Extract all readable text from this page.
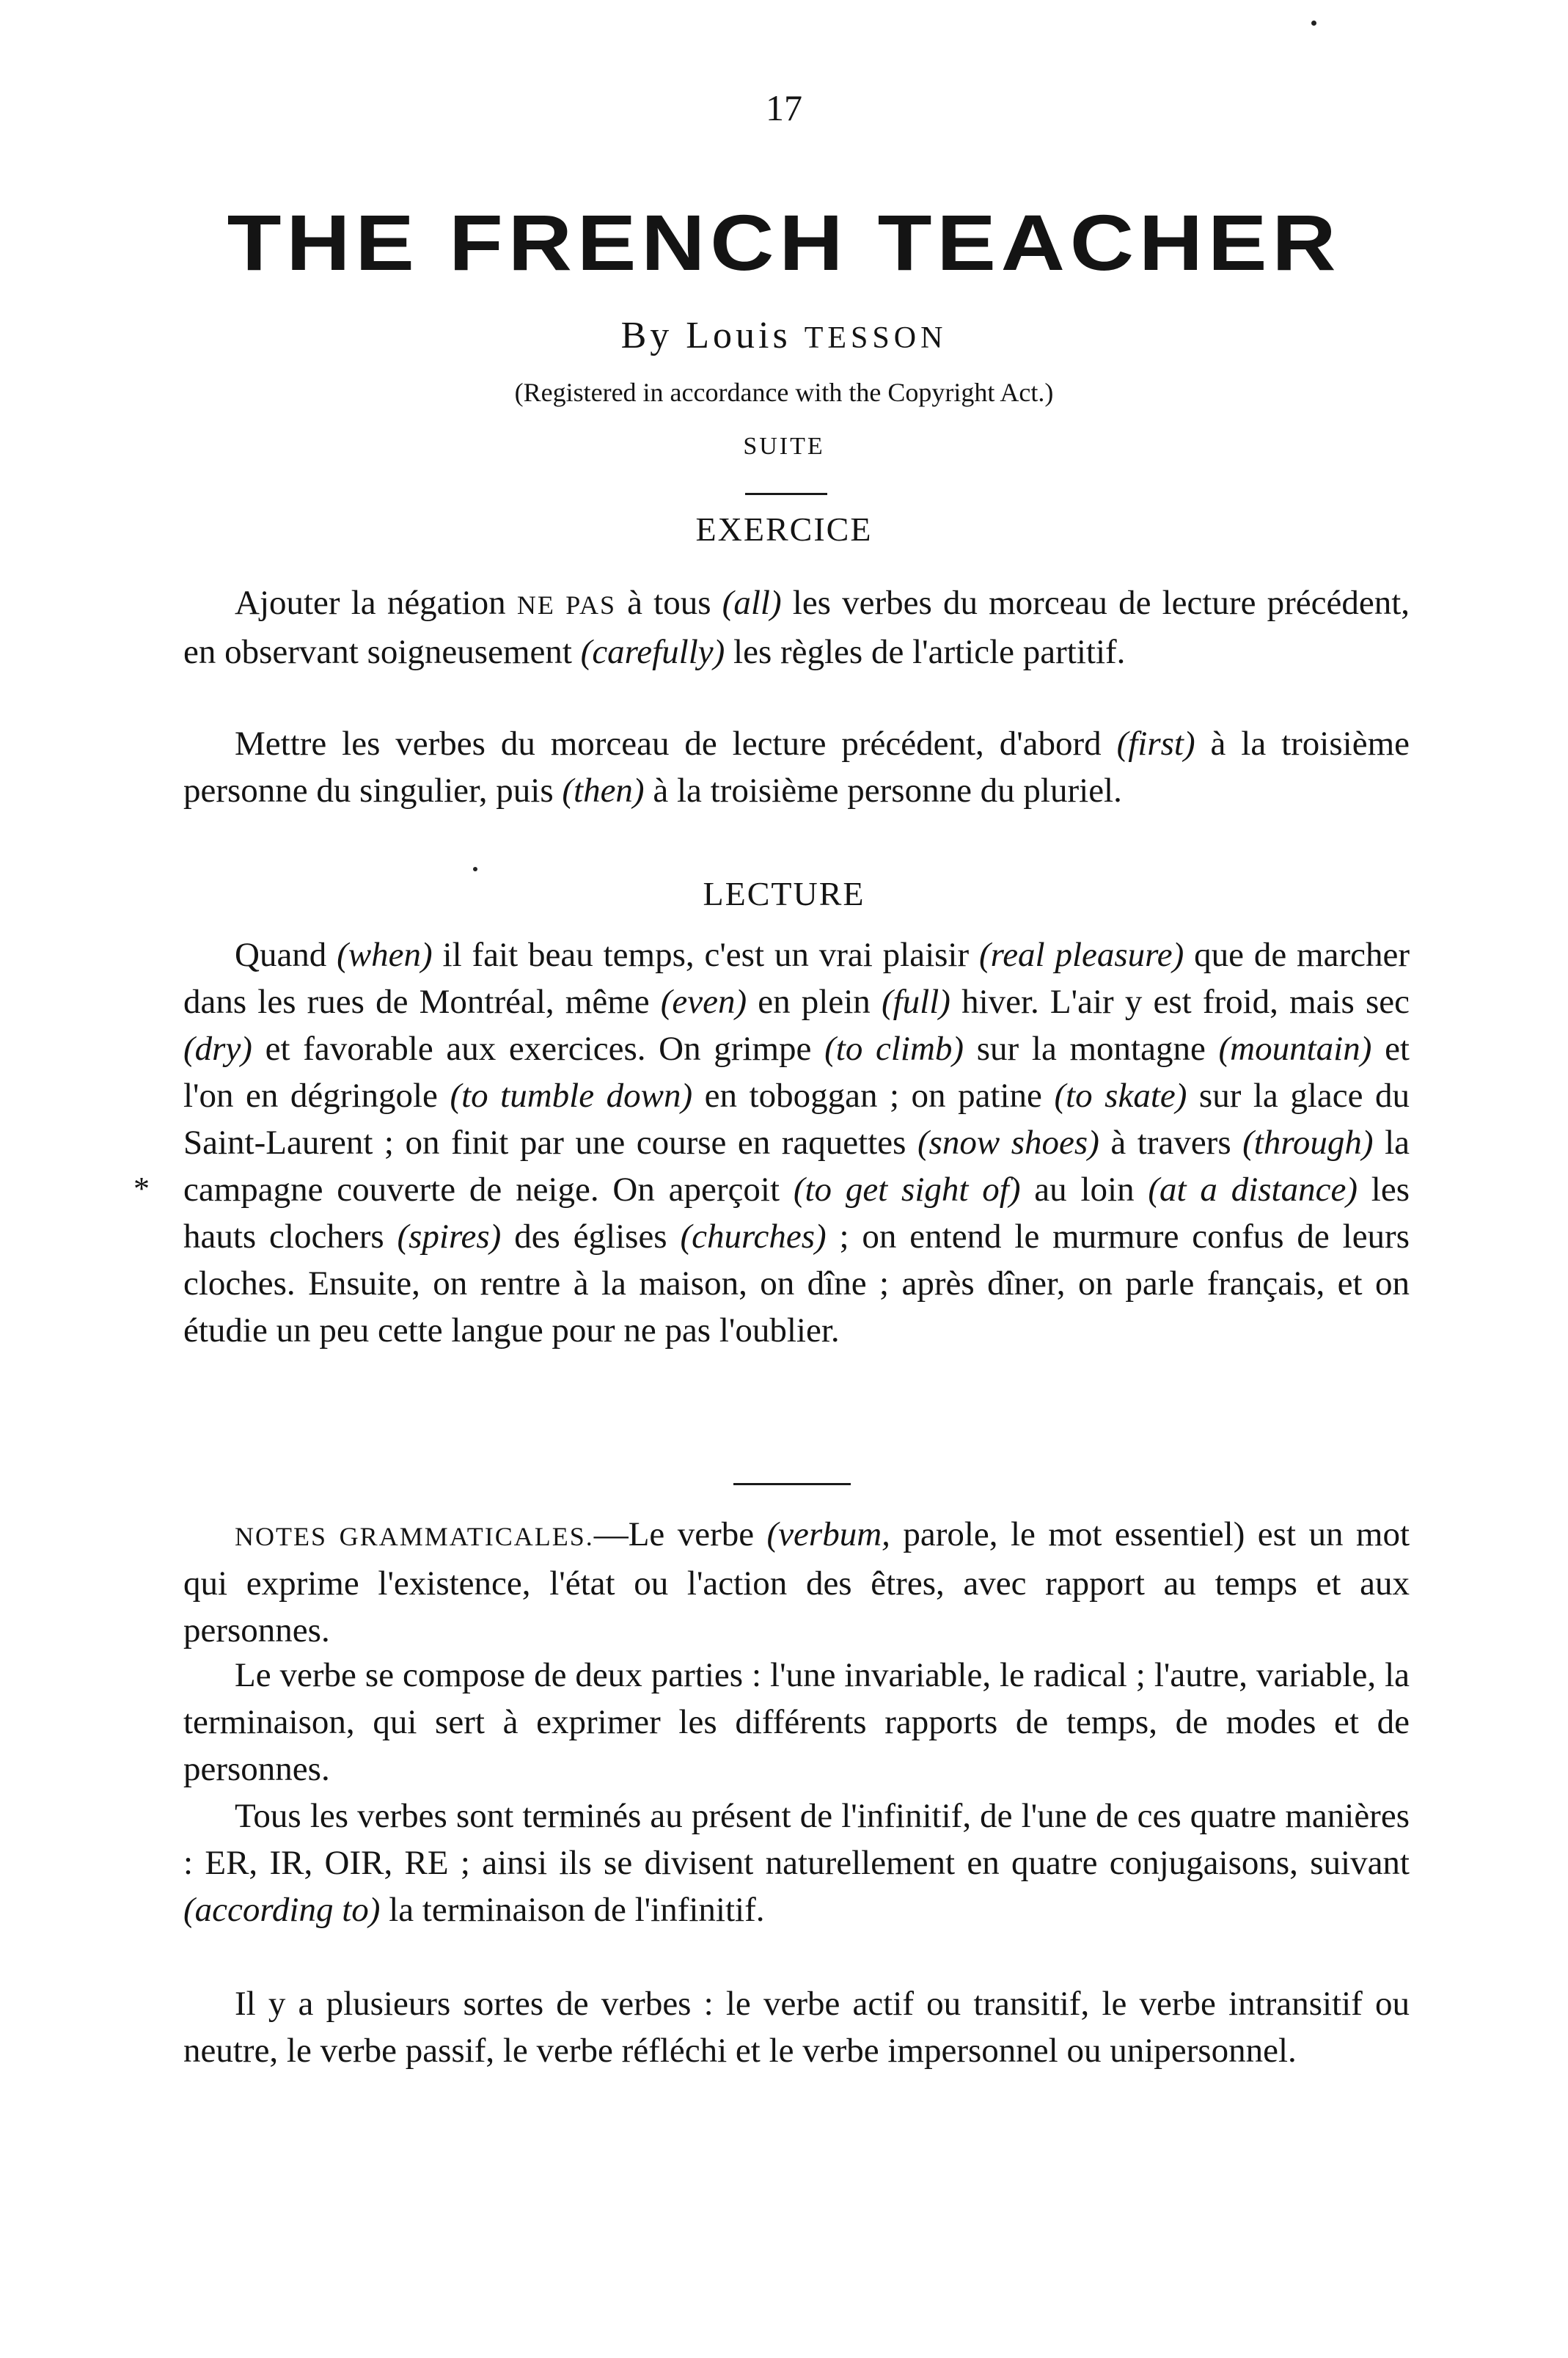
17
THE FRENCH TEACHER
By Louis TESSON
(Registered in accordance with the Copyright Act.)
SUITE
EXERCICE

Ajouter la négation NE PAS à tous (all) les verbes du morceau de lecture précédent, en observant soigneusement (carefully) les règles de l'article partitif.

Mettre les verbes du morceau de lecture précédent, d'abord (first) à la troisième personne du singulier, puis (then) à la troisième personne du pluriel.

LECTURE

Quand (when) il fait beau temps, c'est un vrai plaisir (real pleasure) que de marcher dans les rues de Montréal, même (even) en plein (full) hiver. L'air y est froid, mais sec (dry) et favorable aux exercices. On grimpe (to climb) sur la montagne (mountain) et l'on en dégringole (to tumble down) en toboggan ; on patine (to skate) sur la glace du Saint-Laurent ; on finit par une course en raquettes (snow shoes) à travers (through) la campagne couverte de neige. On aperçoit (to get sight of) au loin (at a distance) les hauts clochers (spires) des églises (churches) ; on entend le murmure confus de leurs cloches. Ensuite, on rentre à la maison, on dîne ; après dîner, on parle français, et on étudie un peu cette langue pour ne pas l'oublier.

*

NOTES GRAMMATICALES.—Le verbe (verbum, parole, le mot essentiel) est un mot qui exprime l'existence, l'état ou l'action des êtres, avec rapport au temps et aux personnes.

Le verbe se compose de deux parties : l'une invariable, le radical ; l'autre, variable, la terminaison, qui sert à exprimer les différents rapports de temps, de modes et de personnes.

Tous les verbes sont terminés au présent de l'infinitif, de l'une de ces quatre manières : ER, IR, OIR, RE ; ainsi ils se divisent naturellement en quatre conjugaisons, suivant (according to) la terminaison de l'infinitif.

Il y a plusieurs sortes de verbes : le verbe actif ou transitif, le verbe intransitif ou neutre, le verbe passif, le verbe réfléchi et le verbe impersonnel ou unipersonnel.
